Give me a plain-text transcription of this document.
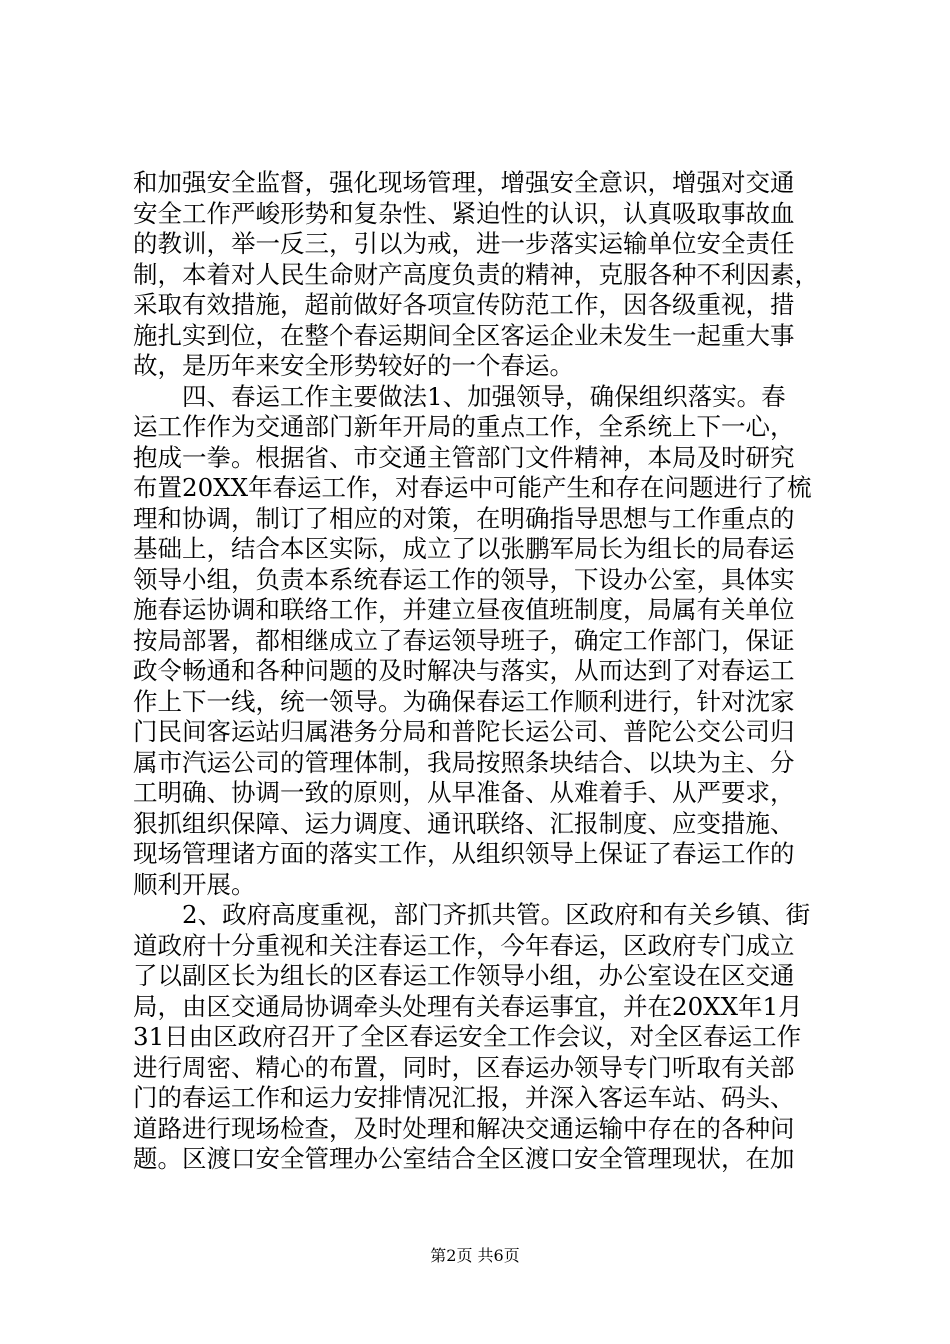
和加强安全监督，强化现场管理，增强安全意识，增强对交通
安全工作严峻形势和复杂性、紧迫性的认识，认真吸取事故血
的教训，举一反三，引以为戒，进一步落实运输单位安全责任
制，本着对人民生命财产高度负责的精神，克服各种不利因素，
采取有效措施，超前做好各项宣传防范工作，因各级重视，措
施扎实到位，在整个春运期间全区客运企业未发生一起重大事
故，是历年来安全形势较好的一个春运。
　　四、春运工作主要做法1、加强领导，确保组织落实。春
运工作作为交通部门新年开局的重点工作，全系统上下一心，
抱成一拳。根据省、市交通主管部门文件精神，本局及时研究
布置20XX年春运工作，对春运中可能产生和存在问题进行了梳
理和协调，制订了相应的对策，在明确指导思想与工作重点的
基础上，结合本区实际，成立了以张鹏军局长为组长的局春运
领导小组，负责本系统春运工作的领导，下设办公室，具体实
施春运协调和联络工作，并建立昼夜值班制度，局属有关单位
按局部署，都相继成立了春运领导班子，确定工作部门，保证
政令畅通和各种问题的及时解决与落实，从而达到了对春运工
作上下一线，统一领导。为确保春运工作顺利进行，针对沈家
门民间客运站归属港务分局和普陀长运公司、普陀公交公司归
属市汽运公司的管理体制，我局按照条块结合、以块为主、分
工明确、协调一致的原则，从早准备、从难着手、从严要求，
狠抓组织保障、运力调度、通讯联络、汇报制度、应变措施、
现场管理诸方面的落实工作，从组织领导上保证了春运工作的
顺利开展。
　　2、政府高度重视，部门齐抓共管。区政府和有关乡镇、街
道政府十分重视和关注春运工作，今年春运，区政府专门成立
了以副区长为组长的区春运工作领导小组，办公室设在区交通
局，由区交通局协调牵头处理有关春运事宜，并在20XX年1月
31日由区政府召开了全区春运安全工作会议，对全区春运工作
进行周密、精心的布置，同时，区春运办领导专门听取有关部
门的春运工作和运力安排情况汇报，并深入客运车站、码头、
道路进行现场检查，及时处理和解决交通运输中存在的各种问
题。区渡口安全管理办公室结合全区渡口安全管理现状，在加
第2页 共6页
